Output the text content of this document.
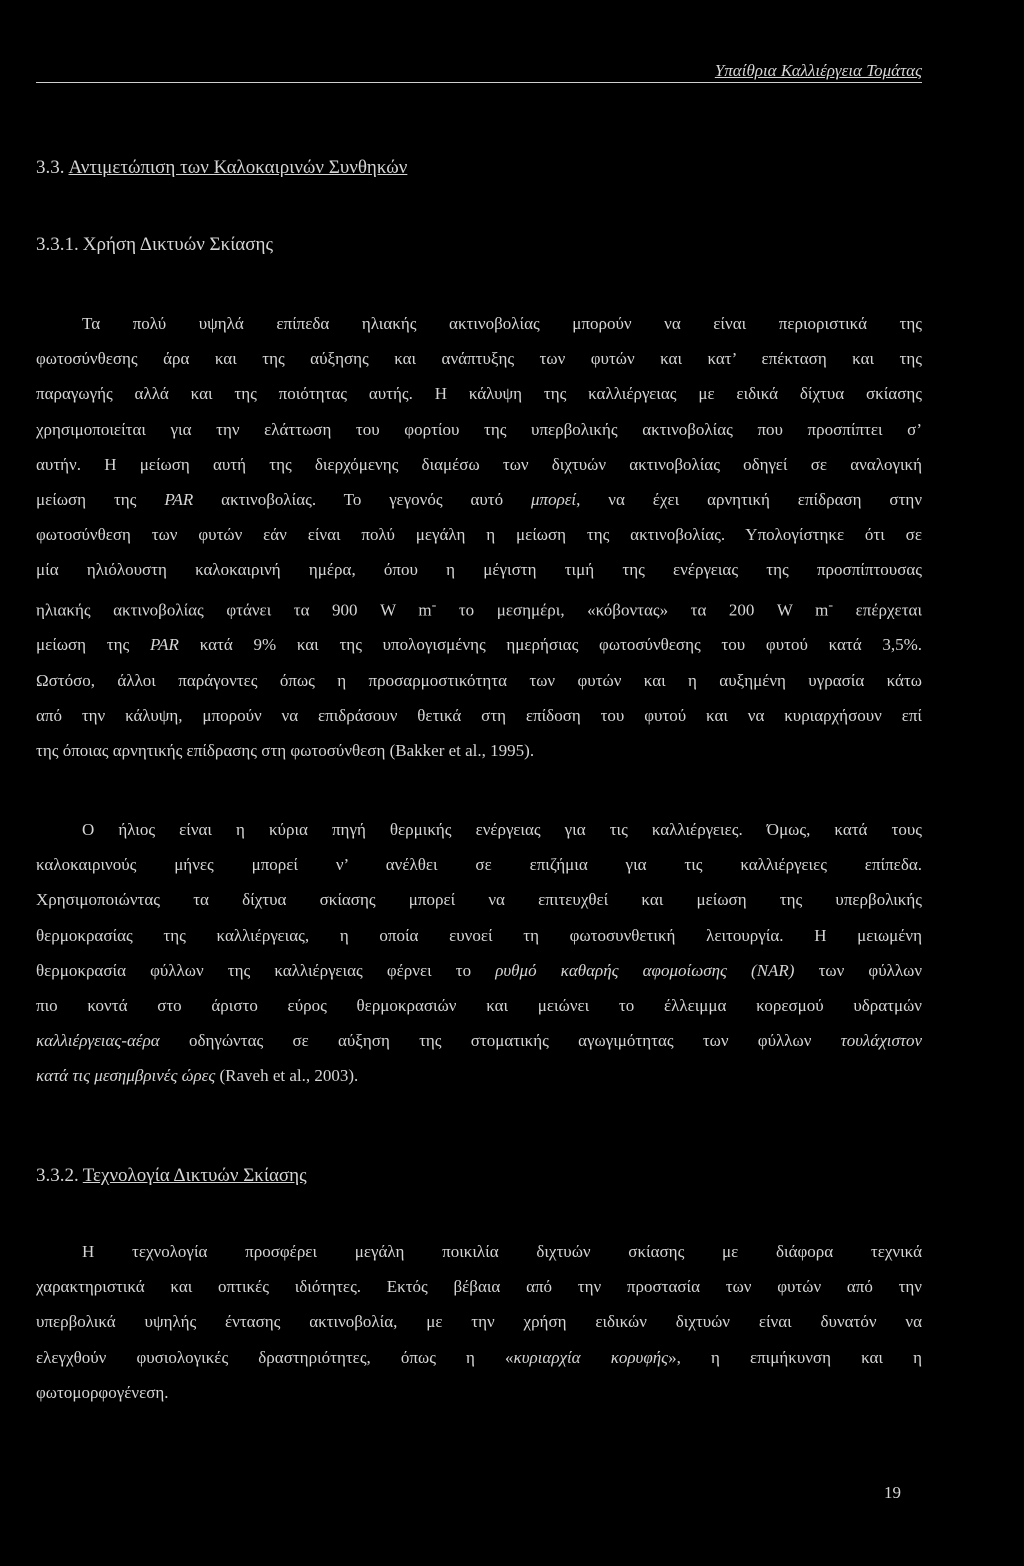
Υπαίθρια Καλλιέργεια Τομάτας
3.3. Αντιμετώπιση των Καλοκαιρινών Συνθηκών
3.3.1. Χρήση Δικτυών Σκίασης
Τα πολύ υψηλά επίπεδα ηλιακής ακτινοβολίας μπορούν να είναι περιοριστικά της
φωτοσύνθεσης άρα και της αύξησης και ανάπτυξης των φυτών και κατ’ επέκταση και της
παραγωγής αλλά και της ποιότητας αυτής. Η κάλυψη της καλλιέργειας με ειδικά δίχτυα σκίασης
χρησιμοποιείται για την ελάττωση του φορτίου της υπερβολικής ακτινοβολίας που προσπίπτει σ’
αυτήν. Η μείωση αυτή της διερχόμενης διαμέσω των διχτυών ακτινοβολίας οδηγεί σε αναλογική
μείωση της PAR ακτινοβολίας. Το γεγονός αυτό μπορεί, να έχει αρνητική επίδραση στην
φωτοσύνθεση των φυτών εάν είναι πολύ μεγάλη η μείωση της ακτινοβολίας. Υπολογίστηκε ότι σε
μία ηλιόλουστη καλοκαιρινή ημέρα, όπου η μέγιστη τιμή της ενέργειας της προσπίπτουσας
ηλιακής ακτινοβολίας φτάνει τα 900 W m- το μεσημέρι, «κόβοντας» τα 200 W m- επέρχεται
μείωση της PAR κατά 9% και της υπολογισμένης ημερήσιας φωτοσύνθεσης του φυτού κατά 3,5%.
Ωστόσο, άλλοι παράγοντες όπως η προσαρμοστικότητα των φυτών και η αυξημένη υγρασία κάτω
από την κάλυψη, μπορούν να επιδράσουν θετικά στη επίδοση του φυτού και να κυριαρχήσουν επί
της όποιας αρνητικής επίδρασης στη φωτοσύνθεση (Bakker et al., 1995).
Ο ήλιος είναι η κύρια πηγή θερμικής ενέργειας για τις καλλιέργειες. Όμως, κατά τους
καλοκαιρινούς μήνες μπορεί ν’ ανέλθει σε επιζήμια για τις καλλιέργειες επίπεδα.
Χρησιμοποιώντας τα δίχτυα σκίασης μπορεί να επιτευχθεί και μείωση της υπερβολικής
θερμοκρασίας της καλλιέργειας, η οποία ευνοεί τη φωτοσυνθετική λειτουργία. Η μειωμένη
θερμοκρασία φύλλων της καλλιέργειας φέρνει το ρυθμό καθαρής αφομοίωσης (NAR) των φύλλων
πιο κοντά στο άριστο εύρος θερμοκρασιών και μειώνει το έλλειμμα κορεσμού υδρατμών
καλλιέργειας-αέρα οδηγώντας σε αύξηση της στοματικής αγωγιμότητας των φύλλων τουλάχιστον
κατά τις μεσημβρινές ώρες (Raveh et al., 2003).
3.3.2. Τεχνολογία Δικτυών Σκίασης
Η τεχνολογία προσφέρει μεγάλη ποικιλία διχτυών σκίασης με διάφορα τεχνικά
χαρακτηριστικά και οπτικές ιδιότητες. Εκτός βέβαια από την προστασία των φυτών από την
υπερβολικά υψηλής έντασης ακτινοβολία, με την χρήση ειδικών διχτυών είναι δυνατόν να
ελεγχθούν φυσιολογικές δραστηριότητες, όπως η «κυριαρχία κορυφής», η επιμήκυνση και η
φωτομορφογένεση.
19
